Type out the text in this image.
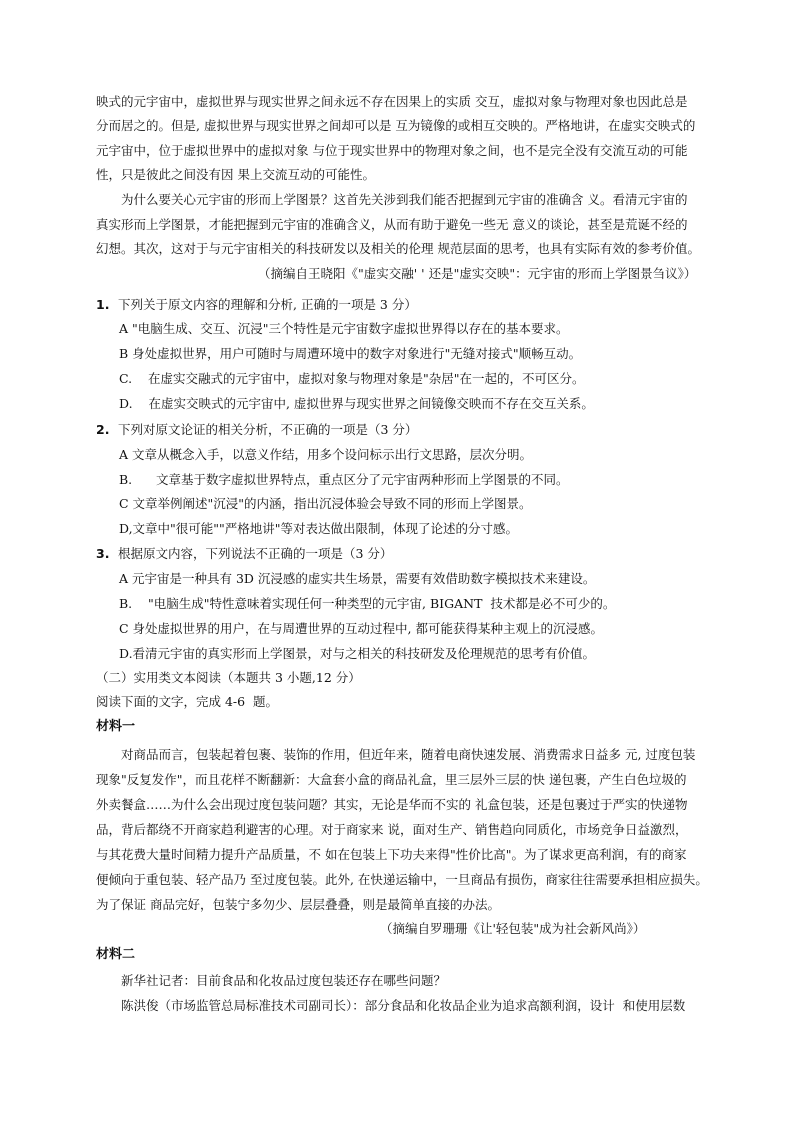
映式的元宇宙中，虚拟世界与现实世界之间永远不存在因果上的实质 交互，虚拟对象与物理对象也因此总是
分而居之的。但是, 虚拟世界与现实世界之间却可以是 互为镜像的或相互交映的。严格地讲，在虚实交映式的
元宇宙中，位于虚拟世界中的虚拟对象 与位于现实世界中的物理对象之间，也不是完全没有交流互动的可能
性，只是彼此之间没有因 果上交流互动的可能性。
为什么要关心元宇宙的形而上学图景？这首先关涉到我们能否把握到元宇宙的准确含 义。看清元宇宙的
真实形而上学图景，才能把握到元宇宙的准确含义，从而有助于避免一些无 意义的谈论，甚至是荒诞不经的
幻想。其次，这对于与元宇宙相关的科技研发以及相关的伦理 规范层面的思考，也具有实际有效的参考价值。
（摘编自王晓阳《"虚实交融' ' 还是"虚实交映"：元宇宙的形而上学图景刍议》）
1. 下列关于原文内容的理解和分析, 正确的一项是 3 分）
A "电脑生成、交互、沉浸"三个特性是元宇宙数字虚拟世界得以存在的基本要求。
B 身处虚拟世界，用户可随时与周遭环境中的数字对象进行"无缝对接式"顺畅互动。
C.    在虚实交融式的元宇宙中，虚拟对象与物理对象是"杂居"在一起的，不可区分。
D.    在虚实交映式的元宇宙中, 虚拟世界与现实世界之间镜像交映而不存在交互关系。
2. 下列对原文论证的相关分析，不正确的一项是（3 分）
A 文章从概念入手，以意义作结，用多个设问标示出行文思路，层次分明。
B.      文章基于数字虚拟世界特点，重点区分了元宇宙两种形而上学图景的不同。
C 文章举例阐述"沉浸"的内涵，指出沉浸体验会导致不同的形而上学图景。
D,文章中"很可能""严格地讲"等对表达做出限制，体现了论述的分寸感。
3. 根据原文内容，下列说法不正确的一项是（3 分）
A 元宇宙是一种具有 3D 沉浸感的虚实共生场景，需要有效借助数字模拟技术来建设。
B.    "电脑生成"特性意味着实现任何一种类型的元宇宙, BIGANT  技术都是必不可少的。
C 身处虚拟世界的用户，在与周遭世界的互动过程中, 都可能获得某种主观上的沉浸感。
D.看清元宇宙的真实形而上学图景，对与之相关的科技研发及伦理规范的思考有价值。
（二）实用类文本阅读（本题共 3 小题,12 分）
阅读下面的文字，完成 4-6  题。
材料一
对商品而言，包装起着包裹、装饰的作用，但近年来，随着电商快速发展、消费需求日益多 元, 过度包装
现象"反复发作"，而且花样不断翻新：大盒套小盒的商品礼盒，里三层外三层的快 递包裹，产生白色垃圾的
外卖餐盒……为什么会出现过度包装问题？其实，无论是华而不实的 礼盒包装，还是包裹过于严实的快递物
品，背后都绕不开商家趋利避害的心理。对于商家来 说，面对生产、销售趋向同质化，市场竞争日益激烈，
与其花费大量时间精力提升产品质量，不 如在包装上下功夫来得"性价比高"。为了谋求更高利润，有的商家
便倾向于重包装、轻产品乃 至过度包装。此外, 在快递运输中，一旦商品有损伤，商家往往需要承担相应损失。
为了保证 商品完好，包装宁多勿少、层层叠叠，则是最简单直接的办法。
（摘编自罗珊珊《让'轻包装"成为社会新风尚》）
材料二
新华社记者：目前食品和化妆品过度包装还存在哪些问题？
陈洪俊（市场监管总局标准技术司副司长）：部分食品和化妆品企业为追求高额利润，设计  和使用层数
